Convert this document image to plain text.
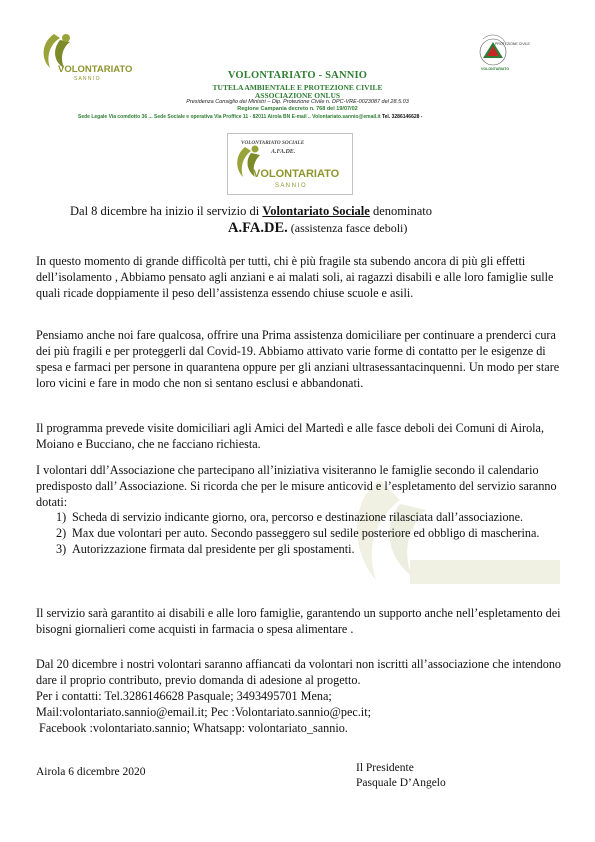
VOLONTARIATO
S A N N I O
PROTEZIONE CIVILE
VOLONTARIATO
VOLONTARIATO - SANNIO
TUTELA AMBIENTALE E PROTEZIONE CIVILE
ASSOCIAZIONE ONLUS
Presidenza Consiglio dei Ministri – Dip. Protezione Civile n. DPC-VRE-0023087 del 28.5.03
Regione Campania decreto n. 768 del 19/07/02
Sede Legale Via comdotto 36 ... Sede Sociale e operativa Via Proffice 11 - 82011 Airola BN E-mail .. Volontariato.sannio@email.it Tel. 3286146628 -
VOLONTARIATO SOCIALE
A.FA.DE.
VOLONTARIATO
S A N N I O
Dal 8 dicembre ha inizio il servizio di Volontariato Sociale denominato
A.FA.DE. (assistenza fasce deboli)
In questo momento di grande difficoltà per tutti, chi è più fragile sta subendo ancora di più gli effetti dell’isolamento , Abbiamo pensato agli anziani e ai malati soli, ai ragazzi disabili e alle loro famiglie sulle quali ricade doppiamente il peso dell’assistenza essendo chiuse scuole e asili.
Pensiamo anche noi fare qualcosa, offrire una Prima assistenza domiciliare per continuare a prenderci cura dei più fragili e per proteggerli dal Covid-19. Abbiamo attivato varie forme di contatto per le esigenze di spesa e farmaci per persone in quarantena oppure per gli anziani ultrasessantacinquenni. Un modo per stare loro vicini e fare in modo che non si sentano esclusi e abbandonati.
Il programma prevede visite domiciliari agli Amici del Martedì e alle fasce deboli dei Comuni di Airola, Moiano e Bucciano, che ne facciano richiesta.
I volontari ddl’Associazione che partecipano all’iniziativa visiteranno le famiglie secondo il calendario predisposto dall’ Associazione. Si ricorda che per le misure anticovid e l’espletamento del servizio saranno dotati:
1) Scheda di servizio indicante giorno, ora, percorso e destinazione rilasciata dall’associazione.
2) Max due volontari per auto. Secondo passeggero sul sedile posteriore ed obbligo di mascherina.
3) Autorizzazione firmata dal presidente per gli spostamenti.
Il servizio sarà garantito ai disabili e alle loro famiglie, garantendo un supporto anche nell’espletamento dei bisogni giornalieri come acquisti in farmacia o spesa alimentare .
Dal 20 dicembre i nostri volontari saranno affiancati da volontari non iscritti all’associazione che intendono dare il proprio contributo, previo domanda di adesione al progetto.
Per i contatti: Tel.3286146628 Pasquale; 3493495701 Mena;
Mail:volontariato.sannio@email.it; Pec :Volontariato.sannio@pec.it;
Facebook :volontariato.sannio; Whatsapp: volontariato_sannio.
Airola 6 dicembre 2020	Il Presidente
Pasquale D’Angelo
